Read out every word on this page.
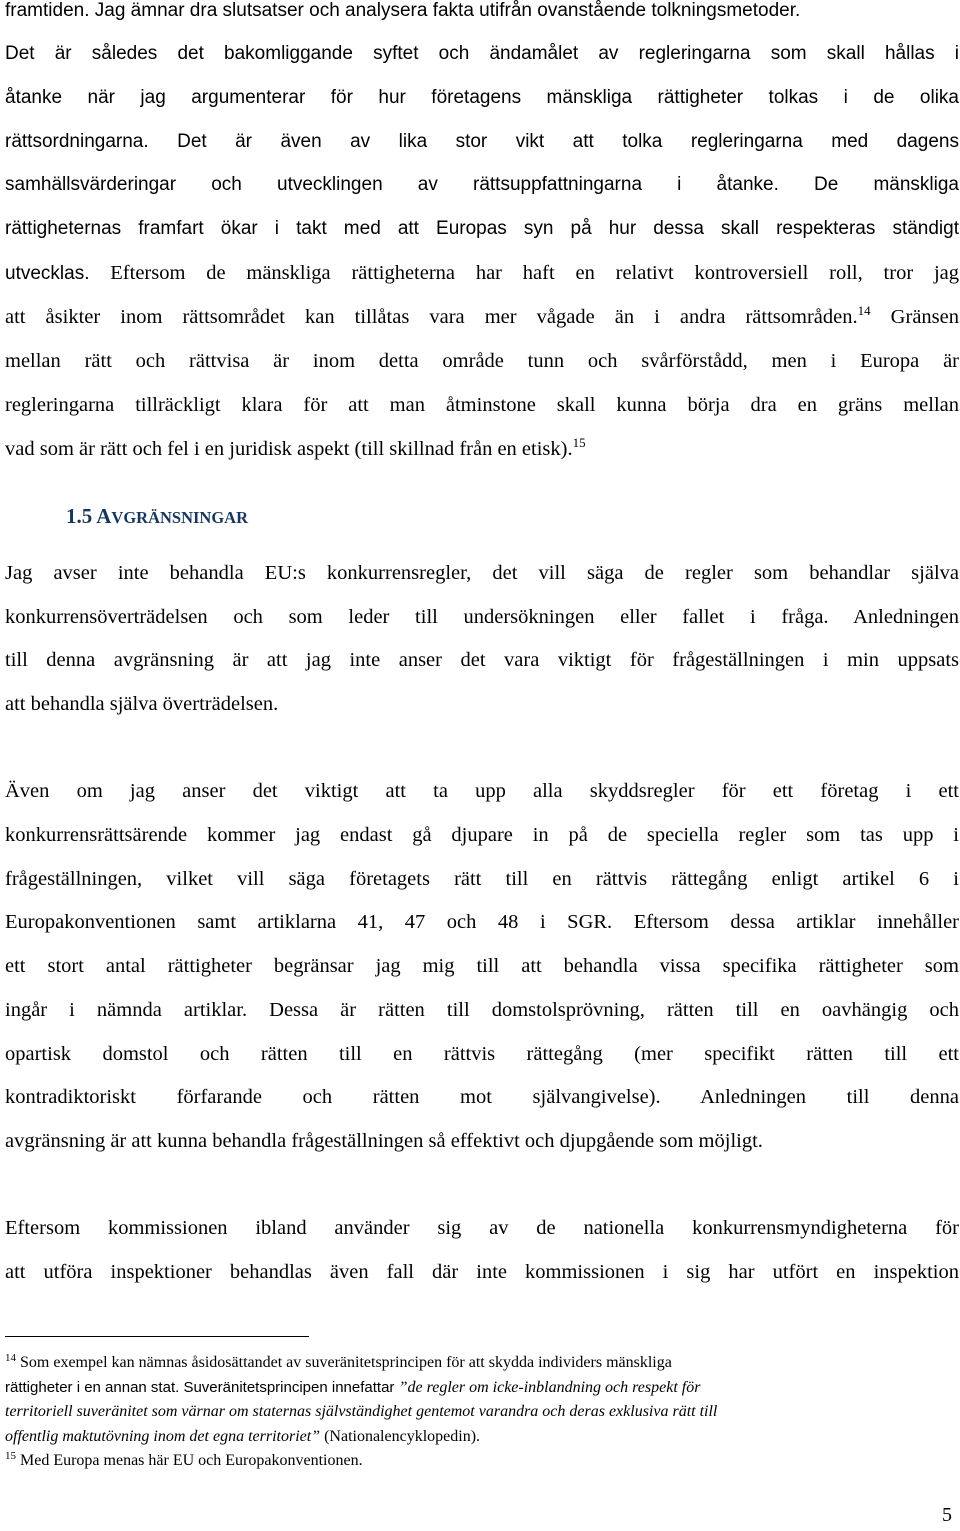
framtiden. Jag ämnar dra slutsatser och analysera fakta utifrån ovanstående tolkningsmetoder.
Det är således det bakomliggande syftet och ändamålet av regleringarna som skall hållas i
åtanke när jag argumenterar för hur företagens mänskliga rättigheter tolkas i de olika
rättsordningarna. Det är även av lika stor vikt att tolka regleringarna med dagens
samhällsvärderingar och utvecklingen av rättsuppfattningarna i åtanke. De mänskliga
rättigheternas framfart ökar i takt med att Europas syn på hur dessa skall respekteras ständigt
utvecklas. Eftersom de mänskliga rättigheterna har haft en relativt kontroversiell roll, tror jag
att åsikter inom rättsområdet kan tillåtas vara mer vågade än i andra rättsområden.$^{14}$ Gränsen
mellan rätt och rättvisa är inom detta område tunn och svårförstådd, men i Europa är
regleringarna tillräckligt klara för att man åtminstone skall kunna börja dra en gräns mellan
vad som är rätt och fel i en juridisk aspekt (till skillnad från en etisk).$^{15}$
1.5 AVGRÄNSNINGAR
Jag avser inte behandla EU:s konkurrensregler, det vill säga de regler som behandlar själva
konkurrensöverträdelsen och som leder till undersökningen eller fallet i fråga. Anledningen
till denna avgränsning är att jag inte anser det vara viktigt för frågeställningen i min uppsats
att behandla själva överträdelsen.
Även om jag anser det viktigt att ta upp alla skyddsregler för ett företag i ett
konkurrensrättsärende kommer jag endast gå djupare in på de speciella regler som tas upp i
frågeställningen, vilket vill säga företagets rätt till en rättvis rättegång enligt artikel 6 i
Europakonventionen samt artiklarna 41, 47 och 48 i SGR. Eftersom dessa artiklar innehåller
ett stort antal rättigheter begränsar jag mig till att behandla vissa specifika rättigheter som
ingår i nämnda artiklar. Dessa är rätten till domstolsprövning, rätten till en oavhängig och
opartisk domstol och rätten till en rättvis rättegång (mer specifikt rätten till ett
kontradiktoriskt förfarande och rätten mot självangivelse). Anledningen till denna
avgränsning är att kunna behandla frågeställningen så effektivt och djupgående som möjligt.
Eftersom kommissionen ibland använder sig av de nationella konkurrensmyndigheterna för
att utföra inspektioner behandlas även fall där inte kommissionen i sig har utfört en inspektion
$^{14}$ Som exempel kan nämnas åsidosättandet av suveränitetsprincipen för att skydda individers mänskliga
rättigheter i en annan stat. Suveränitetsprincipen innefattar ”de regler om icke-inblandning och respekt för
territoriell suveränitet som värnar om staternas självständighet gentemot varandra och deras exklusiva rätt till
offentlig maktutövning inom det egna territoriet” (Nationalencyklopedin).
$^{15}$ Med Europa menas här EU och Europakonventionen.
5
